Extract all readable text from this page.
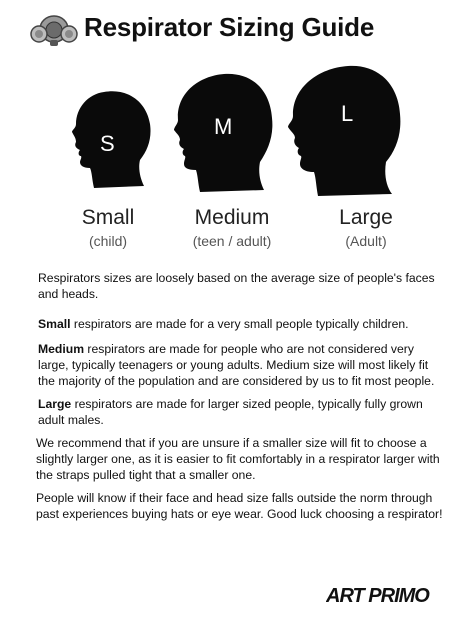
Respirator Sizing Guide
S
M
L
Small
(child)
Medium
(teen / adult)
Large
(Adult)

Respirators sizes are loosely based on the average size of people's faces and heads.

Small respirators are made for a very small people typically children.

Medium respirators are made for people who are not considered very large, typically teenagers or young adults. Medium size will most likely fit the majority of the population and are considered by us to fit most people.

Large respirators are made for larger sized people, typically fully grown adult males.

We recommend that if you are unsure if a smaller size will fit to choose a slightly larger one, as it is easier to fit comfortably in a respirator larger with the straps pulled tight that a smaller one.

People will know if their face and head size falls outside the norm through past experiences buying hats or eye wear. Good luck choosing a respirator!

ART PRIMO
